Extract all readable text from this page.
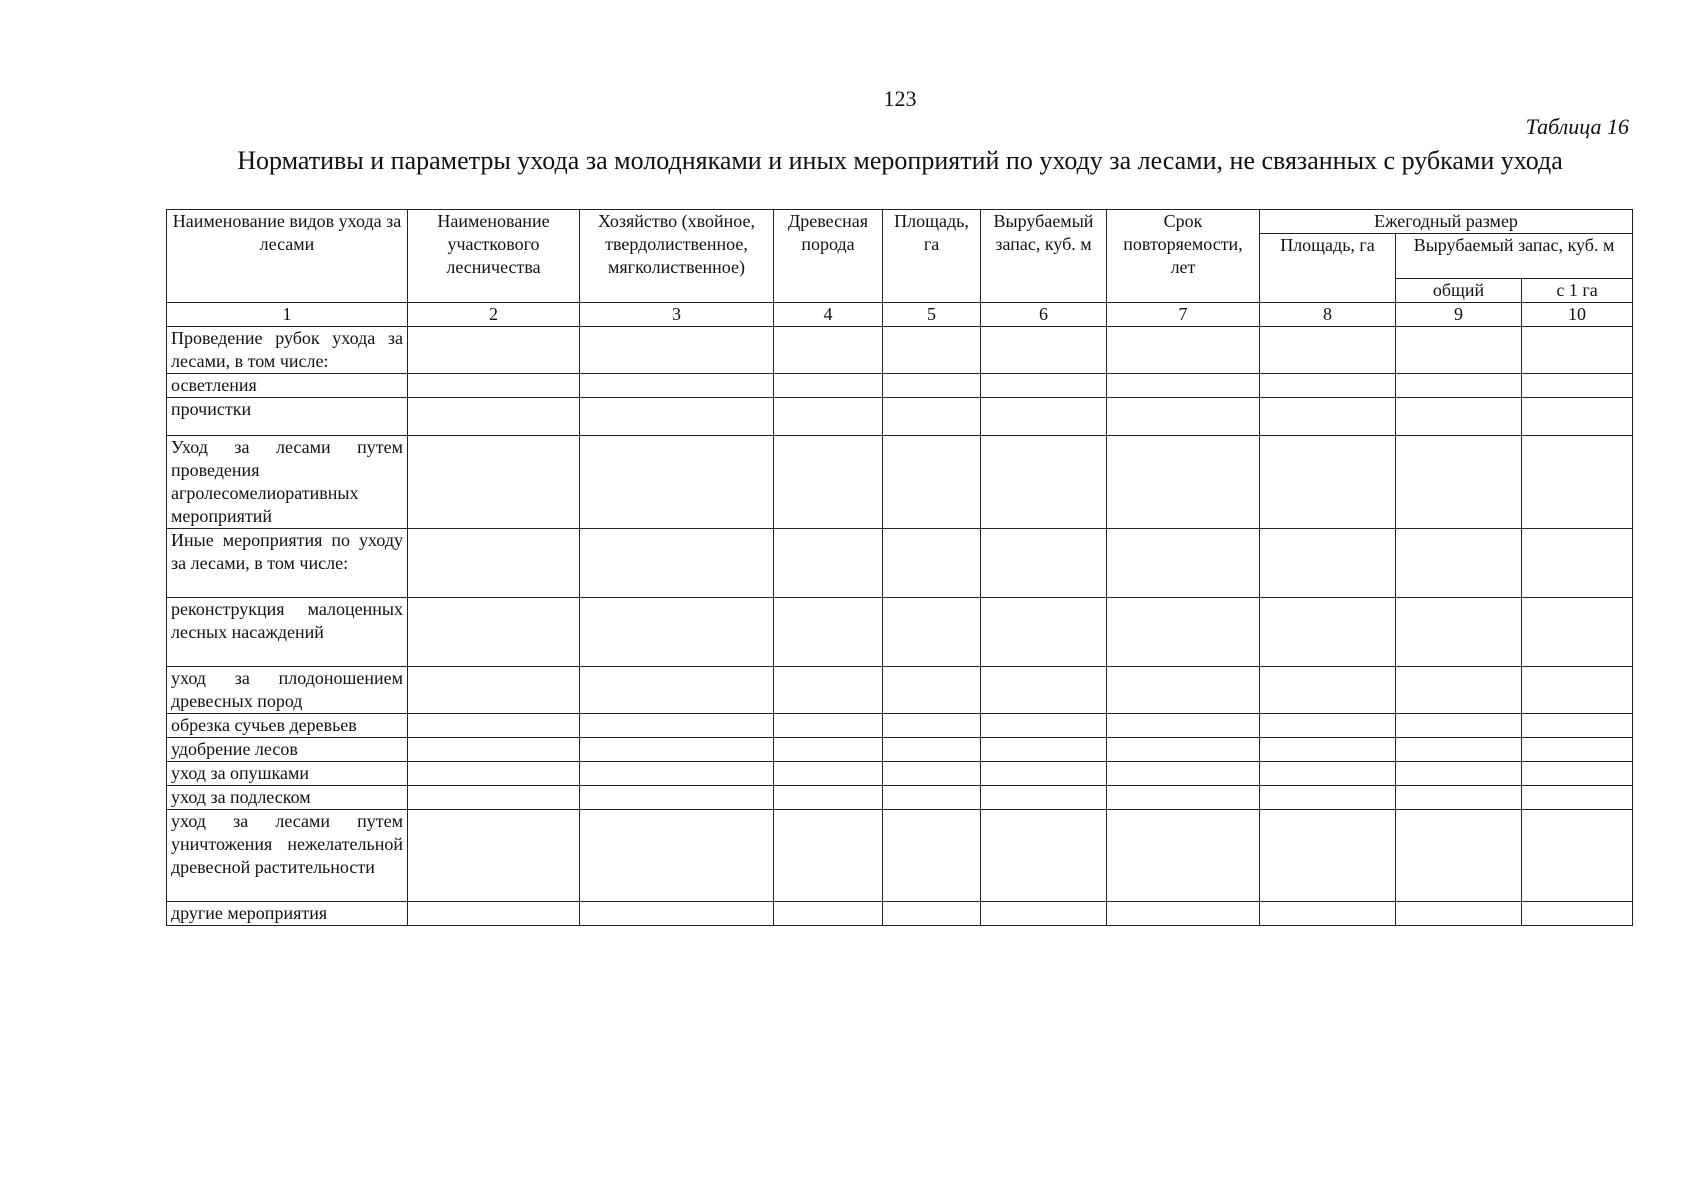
123
Таблица 16
Нормативы и параметры ухода за молодняками и иных мероприятий по уходу за лесами, не связанных с рубками ухода
Наименование видов ухода за лесами	Наименование участкового лесничества	Хозяйство (хвойное, твердолиственное, мягколиственное)	Древесная порода	Площадь, га	Вырубаемый запас, куб. м	Срок повторяемости, лет	Ежегодный размер		
							Площадь, га	Вырубаемый запас, куб. м	
								общий	с 1 га
1	2	3	4	5	6	7	8	9	10
Проведение рубок ухода за лесами, в том числе:									
осветления									
прочистки									
Уход за лесами путем проведения агролесомелиоративных мероприятий									
Иные мероприятия по уходу за лесами, в том числе:									
реконструкция малоценных лесных насаждений									
уход за плодоношением древесных пород									
обрезка сучьев деревьев									
удобрение лесов									
уход за опушками									
уход за подлеском									
уход за лесами путем уничтожения нежелательной древесной растительности									
другие мероприятия									
